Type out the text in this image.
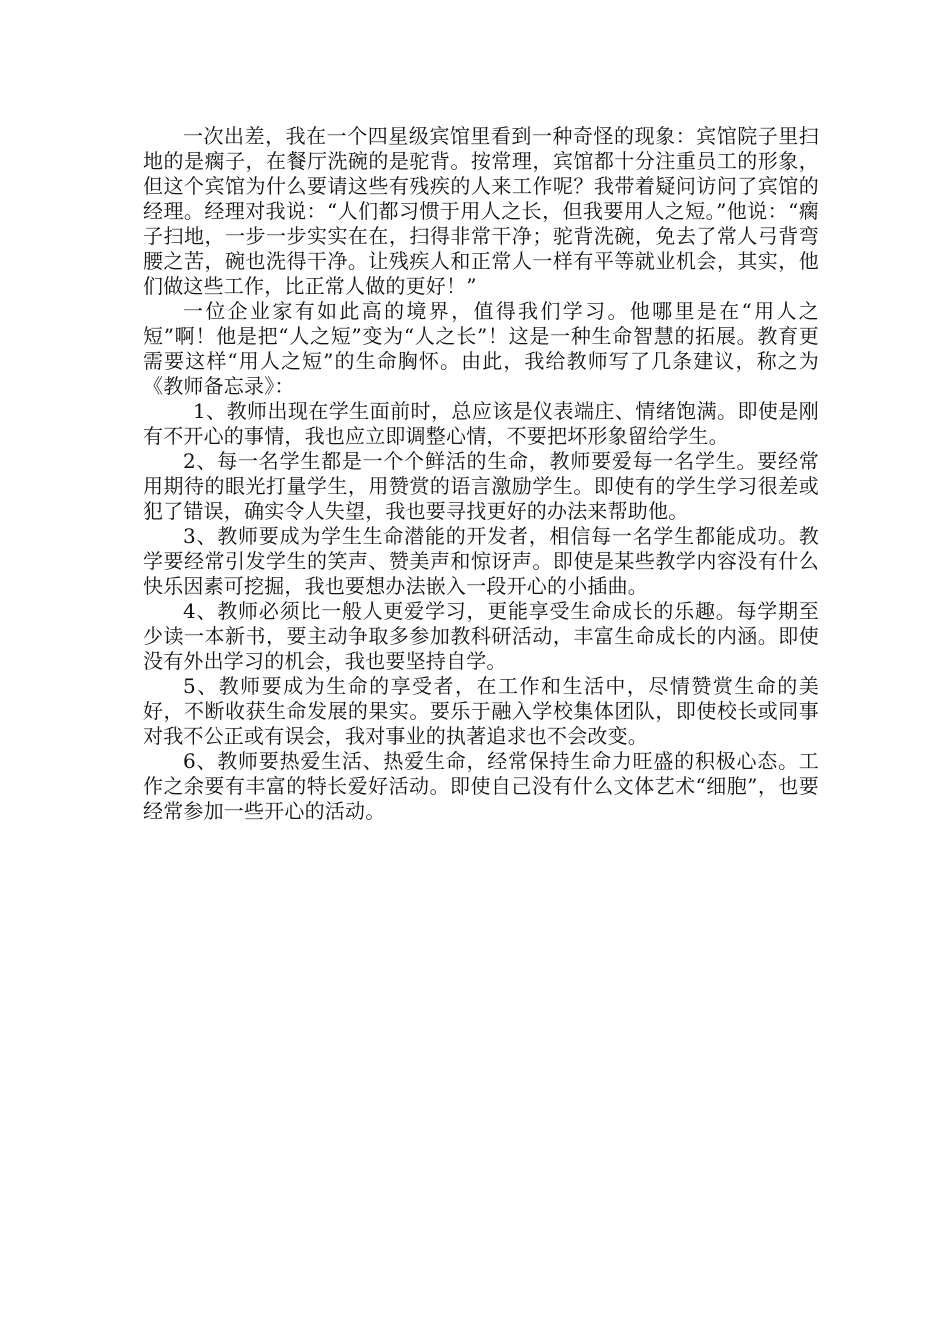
一次出差，我在一个四星级宾馆里看到一种奇怪的现象：宾馆院子里扫地的是瘸子，在餐厅洗碗的是驼背。按常理，宾馆都十分注重员工的形象，但这个宾馆为什么要请这些有残疾的人来工作呢？我带着疑问访问了宾馆的经理。经理对我说：“人们都习惯于用人之长，但我要用人之短。”他说：“瘸子扫地，一步一步实实在在，扫得非常干净；驼背洗碗，免去了常人弓背弯腰之苦，碗也洗得干净。让残疾人和正常人一样有平等就业机会，其实，他们做这些工作，比正常人做的更好！”

一位企业家有如此高的境界，值得我们学习。他哪里是在“用人之短”啊！他是把“人之短”变为“人之长”！这是一种生命智慧的拓展。教育更需要这样“用人之短”的生命胸怀。由此，我给教师写了几条建议，称之为《教师备忘录》：

1、教师出现在学生面前时，总应该是仪表端庄、情绪饱满。即使是刚有不开心的事情，我也应立即调整心情，不要把坏形象留给学生。

2、每一名学生都是一个个鲜活的生命，教师要爱每一名学生。要经常用期待的眼光打量学生，用赞赏的语言激励学生。即使有的学生学习很差或犯了错误，确实令人失望，我也要寻找更好的办法来帮助他。

3、教师要成为学生生命潜能的开发者，相信每一名学生都能成功。教学要经常引发学生的笑声、赞美声和惊讶声。即使是某些教学内容没有什么快乐因素可挖掘，我也要想办法嵌入一段开心的小插曲。

4、教师必须比一般人更爱学习，更能享受生命成长的乐趣。每学期至少读一本新书，要主动争取多参加教科研活动，丰富生命成长的内涵。即使没有外出学习的机会，我也要坚持自学。

5、教师要成为生命的享受者，在工作和生活中，尽情赞赏生命的美好，不断收获生命发展的果实。要乐于融入学校集体团队，即使校长或同事对我不公正或有误会，我对事业的执著追求也不会改变。

6、教师要热爱生活、热爱生命，经常保持生命力旺盛的积极心态。工作之余要有丰富的特长爱好活动。即使自己没有什么文体艺术“细胞”，也要经常参加一些开心的活动。
